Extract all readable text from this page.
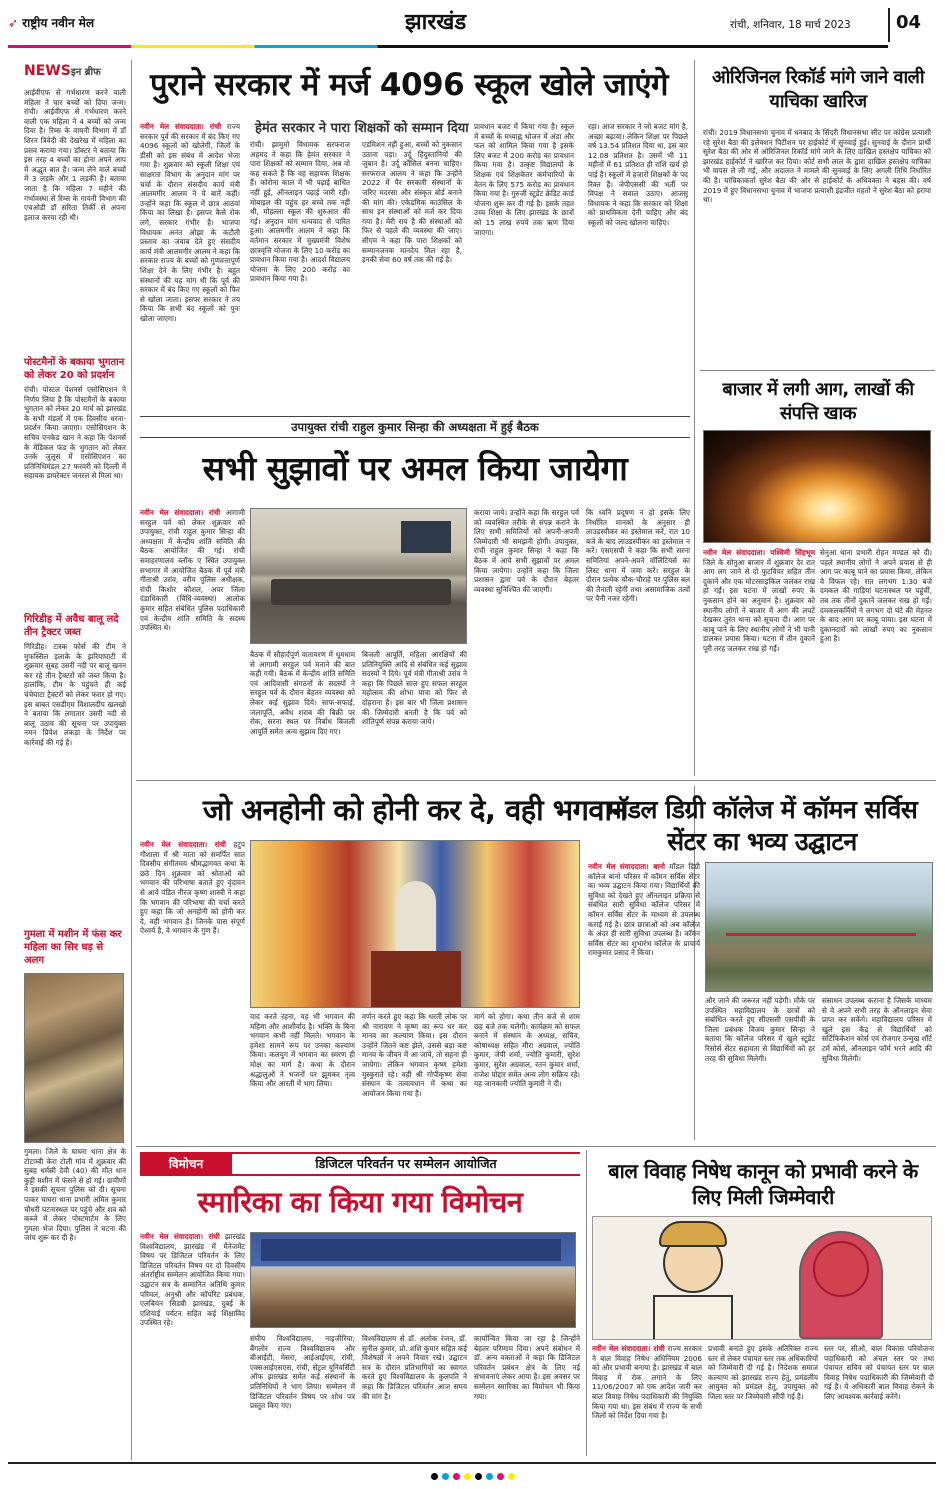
➶ राष्ट्रीय नवीन मेल	झारखंड	रांची, शनिवार, 18 मार्च 2023	04
NEWSइन ब्रीफ
आईवीएफ से गर्भधारण करने वाली महिला ने चार बच्चों को दिया जन्म। रांची। आईवीएफ से गर्भधारण करने वाली एक महिला ने 4 बच्चों को जन्म दिया है। रिम्स के वायनी विभाग में डॉ शिरन त्रिवेदी की देखरेख में महिला का प्रसव कराया गया। डॉक्टर ने बताया कि इस तरह 4 बच्चों का होना अपने आप में अद्भुत बात है। जन्म लेने वाले बच्चों में 3 लड़के और 1 लड़की है। बताया जाता है कि महिला 7 महीने की गर्भावस्था से रिम्स के गायनी विभाग की एचओडी डॉ सरिता तिर्की से अपना इलाज करवा रही थी।
पोस्टमैनों के बकाया भुगतान को लेकर 20 को प्रदर्शन
रांची। पोस्टल पेंशनर्स एसोसिएशन ने निर्णय लिया है कि पोस्टमैनों के बकाया भुगतान को लेकर 20 मार्च को झारखंड के सभी मंडलों में एक दिवसीय धरना-प्रदर्शन किया जाएगा। एसोसिएशन के सचिव एनकेड खान ने कहा कि पेंशनर्स के मेडिकल फंड के भुगतान को लेकर उनके जुलूस में एसोसिएशन का प्रतिनिधिमंडल 27 फरवरी को दिल्ली में सहायक डायरेक्टर जनरल से मिला था।
गिरिडीह में अवैध बालू लदे तीन ट्रैक्टर जब्त
गिरिडीह। टास्क फोर्स की टीम ने मुफस्सिल इलाके के झरियाघाटी में शुक्रवार सुबह उसरी नदी पर बालू खनन कर रहे तीन ट्रैक्टरों को जब्त किया है। हालांकि, टीम के पहुंचते ही कई चंचेघाटा ट्रैक्टरों को लेकर फरार हो गए। इस बाबत एसडीएम विशालदीप खलखो ने बताया कि लगातार उसरी नदी से बालू उठाव की सूचना पर उपायुक्त नमन प्रियेश लकड़ा के निर्देश पर कार्रवाई की गई है।
गुमला में मशीन में फंस कर महिला का सिर धड़ से अलग
गुमला। जिले के घाघरा थाना क्षेत्र के टोटाम्बी केरा टोली गांव में शुक्रवार की सुबह धर्मस्री देवी (40) की मौत धान कुट्टी मशीन में फंसने से हो गई। ग्रामीणों ने इसकी सूचना पुलिस को दी। सूचना पाकर घाघरा थाना प्रभारी अमित कुमार चौधरी घटनास्थल पर पहुंचे और शव को कब्जे में लेकर पोस्टमार्टम के लिए गुमला भेज दिया। पुलिस ने घटना की जांच शुरू कर दी है।
पुराने सरकार में मर्ज 4096 स्कूल खोले जाएंगे
हेमंत सरकार ने पारा शिक्षकों को सम्मान दिया
नवीन मेल संवाददाता। रांची राज्य सरकार पूर्व की सरकार में बंद किए गए 4096 स्कूलों को खोलेगी, जिलों के डीसी को इस संबंध में आदेश भेजा गया है। शुक्रवार को स्कूली शिक्षा एवं साक्षरता विभाग के अनुदान मांग पर चर्चा के दौरान संसदीय कार्य मंत्री आलमगीर आलम ने ये बातें कहीं। उन्होंने कहा कि स्कूल में छात्र आठवां किया का लिखा है। इसपर कैसे रोक लगे, सरकार गंभीर है। भाजपा विधायक अनंत ओझा के कटौती प्रस्ताव का जवाब देते हुए संसदीय कार्य मंत्री आलमगीर आलम ने कहा कि सरकार राज्य के बच्चों को गुणवत्तापूर्ण शिक्षा देने के लिए गंभीर है। बहुत संस्थानों की यह मांग थी कि पूर्व की सरकार में बंद किए गए स्कूलों को फिर से खोला जाता। इसपर सरकार ने तय किया कि सभी बंद स्कूलों को पुनः खोला जाएगा।
रांची। झामुमो विधायक सरफराज अहमद ने कहा कि हेमंत सरकार ने पारा शिक्षकों को सम्मान दिया, अब वो कह सकते हैं कि वह सहायक शिक्षक हैं। कोरोना काल में भी पढ़ाई बाधित नहीं हुई, ऑनलाइन पढ़ाई जारी रही। मोबाइल की पहुंच हर बच्चे तक नहीं थी, मोहल्ला स्कूल की शुरुआत की गई। अनुदान मांग धन्यवाद से पारित हुआ। आलमगीर आलम ने कहा कि वर्तमान सरकार में मुख्यमंत्री विशेष छात्रवृत्ति योजना के लिए 10 करोड़ का प्रावधान किया गया है। आदर्श विद्यालय योजना के लिए 200 करोड़ का प्रावधान किया गया है।
एडमिशन नहीं हुआ, बच्चों को नुकसान उठाना पड़ा। उर्दू हिंदुस्तानियों की जुबान है। उर्दू कौंसिल बनना चाहिए। सरफराज आलम ने कहा कि उन्होंने 2022 में पैर सरकारी संस्थानों के जरिए मदरसा और संस्कृत बोर्ड बनाने की मांग की। एकेडमिक काउंसिल के साथ इन संस्थाओं को मर्ज कर दिया गया है। मेरी राय है की संस्थाओं को फिर से पहले की व्यवस्था की जाए। सीएम ने कहा कि पारा शिक्षकों को सम्मानजनक मानदेय मिल रहा है, इनकी सेवा 60 वर्ष तक की गई है।
प्रावधान बजट में किया गया है। स्कूल में बच्चों के मध्याह्न भोजन में अंडा और फल को शामिल किया गया है इसके लिए बजट में 200 करोड़ का प्रावधान किया गया है। उत्कृष्ट विद्यालयों के शिक्षक एवं शिक्षकेतर कर्मचारियों के वेतन के लिए 575 करोड़ का प्रावधान किया गया है। गुरुजी स्टूडेंट क्रेडिट कार्ड योजना शुरू कर दी गई है। इसके तहत उच्च शिक्षा के लिए झारखंड के छात्रों को 15 लाख रुपये तक ऋण दिया जाएगा।
रहा। आज सरकार ने जो बजट मांग है, अच्छा बढ़ाया। लेकिन शिक्षा पर पिछले वर्ष 13.54 प्रतिशत दिया था, इस बार 12.08 प्रतिशत है। उसमें भी 11 महीनों में 61 प्रतिशत ही राशि खर्च हो पाई है। स्कूलों में हजारों शिक्षकों के पद रिक्त हैं। जेपीएससी की भर्ती पर विपक्ष ने सवाल उठाए। आजसू विधायक ने कहा कि सरकार को शिक्षा को प्राथमिकता देनी चाहिए और बंद स्कूलों को जल्द खोलना चाहिए।
ओरिजिनल रिकॉर्ड मांगे जाने वाली याचिका खारिज
रांची। 2019 विधानसभा चुनाव में धनबाद के सिंदरी विधानसभा सीट पर कांग्रेस प्रत्याशी रहे सुरेश बैठा की इलेक्शन पिटीशन पर हाईकोर्ट में सुनवाई हुई। सुनवाई के दौरान प्रार्थी सुरेश बैठा की ओर से ओरिजिनल रिकॉर्ड मांगे जाने के लिए दाखिल हस्तक्षेप याचिका को झारखंड हाईकोर्ट ने खारिज कर दिया। कोर्ट सभी लाल के द्वारा दाखिल हस्तक्षेप याचिका भी वापस ले ली गई, और अदालत ने मामले की सुनवाई के लिए अगली तिथि निर्धारित की है। याचिकाकर्ता सुरेश बैठा की ओर से हाईकोर्ट के अधिवक्ता ने बहस की। वर्ष 2019 में हुए विधानसभा चुनाव में भाजपा प्रत्याशी इंद्रजीत महतो ने सुरेश बैठा को हराया था।
बाजार में लगी आग, लाखों की संपत्ति खाक
नवीन मेल संवाददाता। पश्चिमी सिंहभूम जिले के सोनुआ बाजार में शुक्रवार देर रात आग लग जाने से दो फुटवियर सहित तीन दुकानें और एक मोटरसाइकिल जलकर राख हो गईं। इस घटना में लाखों रुपए के नुकसान होने का अनुमान है। शुक्रवार को स्थानीय लोगों ने बाजार में आग की लपटें देखकर तुरंत थाना को सूचना दी। आग पर काबू पाने के लिए स्थानीय लोगों ने भी पानी डालकर प्रयास किया। घटना में तीन दुकानें पूरी तरह जलकर राख हो गईं।
सेनुआ थाना प्रभारी रोहन मण्डल को दी। पहले स्थानीय लोगों ने अपने प्रयास से ही आग पर काबू पाने का प्रयास किया, लेकिन वे विफल रहे। रात लगभग 1:30 बजे दमकल की गाड़ियां घटनास्थल पर पहुंचीं, तब तक तीनों दुकानें जलकर राख हो गईं। दमकलकर्मियों ने लगभग दो घंटे की मेहनत के बाद आग पर काबू पाया। इस घटना में दुकानदारों को लाखों रुपए का नुकसान हुआ है।
उपायुक्त रांची राहुल कुमार सिन्हा की अध्यक्षता में हुई बैठक
सभी सुझावों पर अमल किया जायेगा
नवीन मेल संवाददाता। रांची आगामी सरहुल पर्व को लेकर शुक्रवार को उपायुक्त, रांची राहुल कुमार सिन्हा की अध्यक्षता में केन्द्रीय शांति समिति की बैठक आयोजित की गई। रांची समाहरणालय ब्लॉक ए स्थित उपायुक्त सभागार में आयोजित बैठक में पूर्व मंत्री गीताश्री उरांव, वरीय पुलिस अधीक्षक, रांची किशोर कौशल, अपर जिला दंडाधिकारी (विधि-व्यवस्था) आलोक कुमार सहित संबंधित पुलिस पदाधिकारी एवं केन्द्रीय शांति समिति के सदस्य उपस्थित थे।
बैठक में सौहार्दपूर्ण वातावरण में धूमधाम से आगामी सरहुल पर्व मनाने की बात कही गयी। बैठक में केन्द्रीय शांति समिति एवं आदिवासी संगठनों के सदस्यों ने सरहुल पर्व के दौरान बेहतर व्यवस्था को लेकर कई सुझाव दिये। साफ-सफाई, जलापूर्ति, अवैध शराब की बिक्री पर रोक, सरना स्थल पर निर्बाध बिजली आपूर्ति समेत अन्य सुझाव दिए गए।
बिजली आपूर्ति, महिला आरक्षियों की प्रतिनियुक्ति आदि से संबंधित कई सुझाव सदस्यों ने दिये। पूर्व मंत्री गीताश्री उरांव ने कहा कि पिछले साल हुए सफल सरहुल महोत्सव की शोभा यात्रा को फिर से दोहराना है। इस बार भी जिला प्रशासन की जिम्मेदारी बनती है कि पर्व को शांतिपूर्ण संपन्न कराया जाये।
कराया जाये। उन्होंने कहा कि सरहुल पर्व को व्यवस्थित तरीके से संपन्न कराने के लिए सभी समितियों को अपनी-अपनी जिम्मेदारी भी समझनी होगी। उपायुक्त, रांची राहुल कुमार सिन्हा ने कहा कि बैठक में आये सभी सुझावों पर अमल किया जायेगा। उन्होंने कहा कि जिला प्रशासन द्वारा पर्व के दौरान बेहतर व्यवस्था सुनिश्चित की जाएगी।
कि ध्वनि प्रदूषण न हो इसके लिए निर्धारित मानकों के अनुसार ही लाउडस्पीकर का इस्तेमाल करें, रात 10 बजे के बाद लाउडस्पीकर का इस्तेमाल न करें। एसएसपी ने कहा कि सभी सरना समितियां अपने-अपने वॉलिंटियर्स का लिस्ट थाना में जमा करें। सरहुल के दौरान प्रत्येक चौक-चौराहे पर पुलिस बल की तैनाती रहेगी तथा असामाजिक तत्वों पर पैनी नजर रहेगी।
जो अनहोनी को होनी कर दे, वही भगवान
नवीन मेल संवाददाता। रांची हटुप गौशाला में श्री माता को समर्पित सात दिवसीय संगीतमय श्रीमद्भागवत कथा के छठे दिन शुक्रवार को श्रोताओं को भगवान की परिभाषा बताते हुए वृंदावन से आये पंडित नीरज कृष्ण शास्त्री ने कहा कि भगवान की परिभाषा की चर्चा करते हुए कहा कि जो अनहोनी को होनी कर दे, वही भगवान है। जिनके पास संपूर्ण ऐश्वर्य है, वे भगवान के गुण हैं।
याद करते रहना, यह भी भगवान की महिमा और आशीर्वाद है। भक्ति के बिना भगवान कभी नहीं मिलते। भगवान के हमेशा सामने रूप पर उनका कल्याण किया। कलयुग में भगवान का स्मरण ही मोक्ष का मार्ग है। कथा के दौरान श्रद्धालुओं ने भजनों पर झूमकर नृत्य किया और आरती में भाग लिया।
वर्णन करते हुए कहा कि धरती लोक पर श्री नारायण ने कृष्ण का रूप धर कर मानव का कल्याण किया। इस दौरान उन्होंने जितने कष्ट झेले, उससे बड़ा कष्ट मानव के जीवन में आ जाये, तो सहना ही जायेगा। लेकिन भगवान कृष्ण हमेशा मुस्कुराते रहे। वहीं श्री गोपीकृष्ण सेवा संस्थान के तत्वावधान में कथा का आयोजन किया गया है।
मार्ग को होगा। कथा तीन बजे से शाम छह बजे तक चलेगी। कार्यक्रम को सफल बनाने में संस्थान के अध्यक्ष, सचिव, कोषाध्यक्ष सहित मीरा अग्रवाल, ज्योति कुमार, जेपी शर्मा, ज्योति कुमारी, सुरेश कुमार, सुरेश अग्रवाल, रतन कुमार शर्मा, राजेश पोद्दार समेत अन्य लोग सक्रिय रहे। यह जानकारी ज्योति कुमारी ने दी।
मॉडल डिग्री कॉलेज में कॉमन सर्विस सेंटर का भव्य उद्घाटन
नवीन मेल संवाददाता। बानो मॉडल डिग्री कॉलेज बानो परिसर में कॉमन सर्विस सेंटर का भव्य उद्घाटन किया गया। विद्यार्थियों की सुविधा को देखते हुए ऑनलाइन प्रक्रिया से संबंधित सारी सुविधा कॉलेज परिसर में कॉमन सर्विस सेंटर के माध्यम से उपलब्ध कराई गई है। छात्र छात्राओं को अब कॉलेज के अंदर ही सारी सुविधा उपलब्ध है। कॉमन सर्विस सेंटर का शुभारंभ कॉलेज के प्राचार्य रामकुमार प्रसाद ने किया।
और जाने की जरूरत नहीं पड़ेगी। मौके पर उपस्थित महाविद्यालय के छात्रों को संबोधित करते हुए सीएससी एसपीवी के जिला प्रबंधक विजय कुमार सिन्हा ने बताया कि कॉलेज परिसर में खुले स्टूडेंट रिसोर्स सेंटर सहायता से विद्यार्थियों को हर तरह की सुविधा मिलेगी।
संसाधन उपलब्ध कराना है जिसके माध्यम से वे अपने सभी तरह के ऑनलाइन सेवा प्राप्त कर सकेंगे। महाविद्यालय परिसर में खुले इस केंद्र से विद्यार्थियों को सर्टिफिकेशन कोर्स एवं रोजगार उन्मुख शॉर्ट टर्म कोर्स, ऑनलाइन फॉर्म भरने आदि की सुविधा मिलेगी।
विमोचन	डिजिटल परिवर्तन पर सम्मेलन आयोजित
स्मारिका का किया गया विमोचन
नवीन मेल संवाददाता। रांची झारखंड विश्वविद्यालय, झारखंड में मैनेजमेंट विषय पर डिजिटल परिवर्तन के लिए डिजिटल परिवर्तन विषय पर दो दिवसीय अंतर्राष्ट्रीय सम्मेलन आयोजित किया गया। उद्घाटन सत्र के सम्मानित अतिथि कुमार परिमल, अनुश्री और कॉर्पोरेट प्रबंधक, एलबियन सिडबी झारखंड, दुबई के एशियाई पर्यटन सहित कई शिक्षाविद उपस्थित रहे।
संघीय विश्वविद्यालय, नाइजीरिया; बैंगलोर राज्य विश्वविद्यालय और बीआईटी, मेसरा, आईआईएम, रांची, एक्सआईएसएस, रांची, सेंट्रल यूनिवर्सिटी ऑफ झारखंड समेत कई संस्थानों के प्रतिनिधियों ने भाग लिया। सम्मेलन में डिजिटल परिवर्तन विषय पर शोध पत्र प्रस्तुत किए गए।
विश्वविद्यालय से डॉ. अलोक रंजन, डॉ. सुनील कुमार, प्रो. शशि कुमार सहित कई विशेषज्ञों ने अपने विचार रखे। उद्घाटन सत्र के दौरान प्रतिभागियों का स्वागत करते हुए विश्वविद्यालय के कुलपति ने कहा कि डिजिटल परिवर्तन आज समय की मांग है।
कार्यान्वित किया जा रहा है जिन्होंने बेहतर परिणाम दिया। अपने संबोधन में डॉ. अन्य वक्ताओं ने कहा कि डिजिटल परिवर्तन प्रबंधन क्षेत्र के लिए नई संभावनाएं लेकर आया है। इस अवसर पर सम्मेलन स्मारिका का विमोचन भी किया गया।
बाल विवाह निषेध कानून को प्रभावी करने के लिए मिली जिम्मेवारी
नवीन मेल संवाददाता। रांची राज्य सरकार ने बाल विवाह निषेध अधिनियम 2006 को और प्रभावी बनाया है। झारखंड में बाल विवाह में रोक लगाने के लिए 11/06/2007 को एक आदेश जारी कर बाल विवाह निषेध पदाधिकारी की नियुक्ति किया गया था। इस संबंध में राज्य के सभी जिलों को निर्देश दिया गया है।
प्रभावी बनाते हुए इसके अतिरिक्त राज्य स्तर से लेकर पंचायत स्तर तक अधिकारियों को जिम्मेवारी दी गई है। निदेशक समाज कल्याण को झारखंड राज्य हेतु, प्रमंडलीय आयुक्त को प्रमंडल हेतु, उपायुक्त को जिला स्तर पर जिम्मेवारी सौंपी गई है।
स्तर पर, सीओ, बाल विकास परियोजना पदाधिकारी को अंचल स्तर पर तथा पंचायत सचिव को पंचायत स्तर पर बाल विवाह निषेध पदाधिकारी की जिम्मेवारी दी गई है। ये अधिकारी बाल विवाह रोकने के लिए आवश्यक कार्रवाई करेंगे।
